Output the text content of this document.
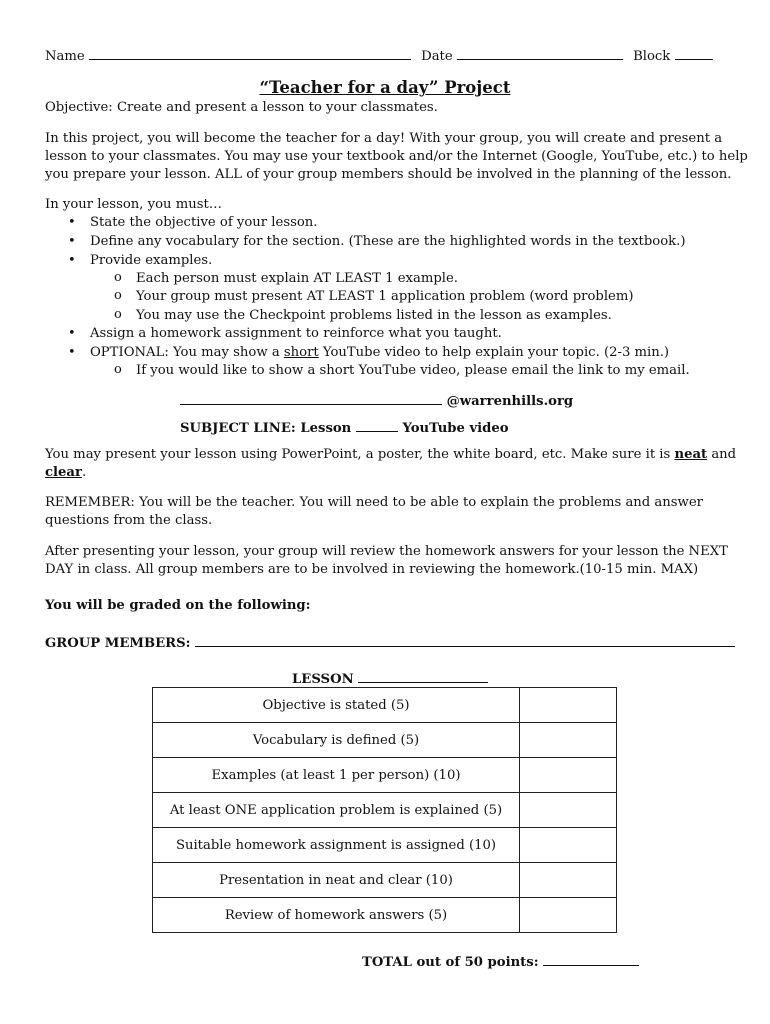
Name	Date	Block
“Teacher for a day” Project
Objective: Create and present a lesson to your classmates.
In this project, you will become the teacher for a day! With your group, you will create and present a
lesson to your classmates. You may use your textbook and/or the Internet (Google, YouTube, etc.) to help
you prepare your lesson. ALL of your group members should be involved in the planning of the lesson.
In your lesson, you must…
• State the objective of your lesson.
• Define any vocabulary for the section. (These are the highlighted words in the textbook.)
• Provide examples.
o Each person must explain AT LEAST 1 example.
o Your group must present AT LEAST 1 application problem (word problem)
o You may use the Checkpoint problems listed in the lesson as examples.
• Assign a homework assignment to reinforce what you taught.
• OPTIONAL: You may show a short YouTube video to help explain your topic. (2-3 min.)
o If you would like to show a short YouTube video, please email the link to my email.
@warrenhills.org
SUBJECT LINE: Lesson	YouTube video
You may present your lesson using PowerPoint, a poster, the white board, etc. Make sure it is neat and
clear.
REMEMBER: You will be the teacher. You will need to be able to explain the problems and answer
questions from the class.
After presenting your lesson, your group will review the homework answers for your lesson the NEXT
DAY in class. All group members are to be involved in reviewing the homework.(10-15 min. MAX)
You will be graded on the following:
GROUP MEMBERS:
LESSON
Objective is stated (5)	
Vocabulary is defined (5)	
Examples (at least 1 per person) (10)	
At least ONE application problem is explained (5)	
Suitable homework assignment is assigned (10)	
Presentation in neat and clear (10)	
Review of homework answers (5)	
TOTAL out of 50 points:
